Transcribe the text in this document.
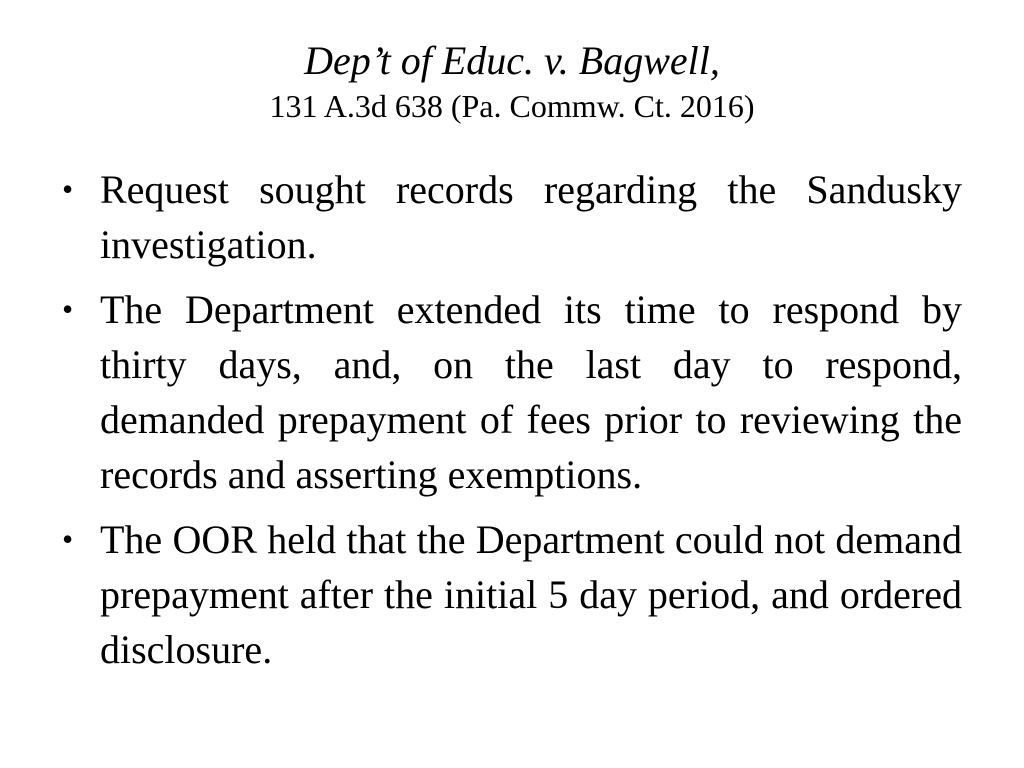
Dep’t of Educ. v. Bagwell,
131 A.3d 638 (Pa. Commw. Ct. 2016)
• Request sought records regarding the Sandusky investigation.
• The Department extended its time to respond by thirty days, and, on the last day to respond, demanded prepayment of fees prior to reviewing the records and asserting exemptions.
• The OOR held that the Department could not demand prepayment after the initial 5 day period, and ordered disclosure.
